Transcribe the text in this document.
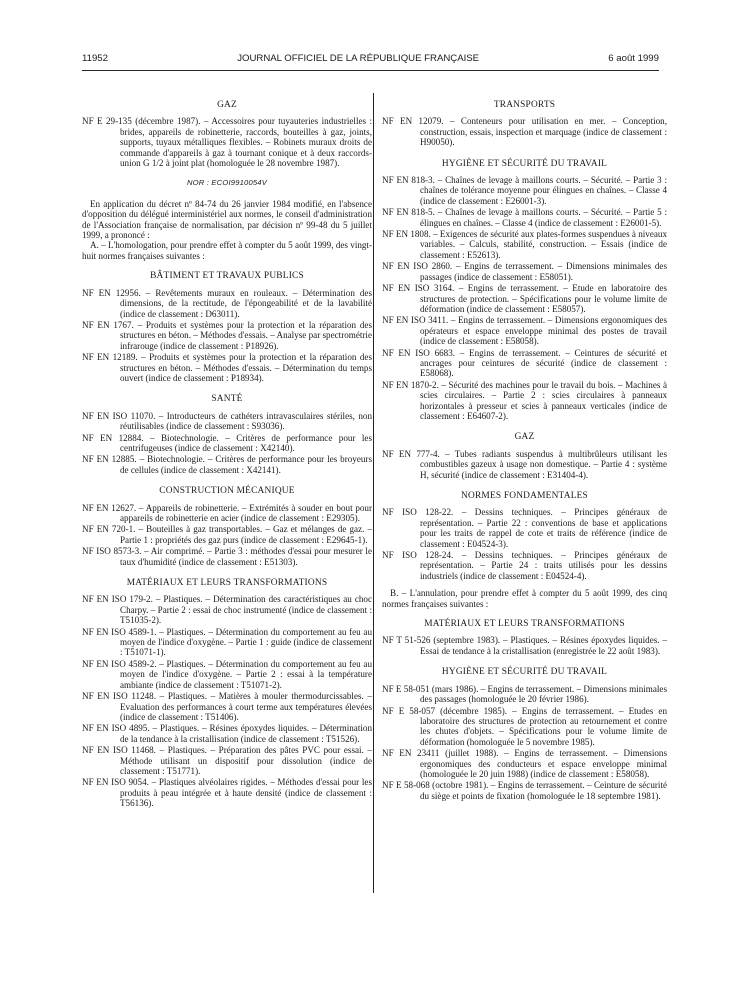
11952	JOURNAL OFFICIEL DE LA RÉPUBLIQUE FRANÇAISE	6 août 1999
GAZ

NF E 29-135 (décembre 1987). – Accessoires pour tuyauteries industrielles : brides, appareils de robinetterie, raccords, bouteilles à gaz, joints, supports, tuyaux métalliques flexibles. – Robinets muraux droits de commande d'appareils à gaz à tournant conique et à deux raccords-union G 1/2 à joint plat (homologuée le 28 novembre 1987).

NOR : ECOI9910054V

En application du décret nº 84-74 du 26 janvier 1984 modifié, en l'absence d'opposition du délégué interministériel aux normes, le conseil d'administration de l'Association française de normalisation, par décision nº 99-48 du 5 juillet 1999, a prononcé :

A. – L'homologation, pour prendre effet à compter du 5 août 1999, des vingt-huit normes françaises suivantes :

BÂTIMENT ET TRAVAUX PUBLICS

NF EN 12956. – Revêtements muraux en rouleaux. – Détermination des dimensions, de la rectitude, de l'épongeabilité et de la lavabilité (indice de classement : D63011).

NF EN 1767. – Produits et systèmes pour la protection et la réparation des structures en béton. – Méthodes d'essais. – Analyse par spectrométrie infrarouge (indice de classement : P18926).

NF EN 12189. – Produits et systèmes pour la protection et la réparation des structures en béton. – Méthodes d'essais. – Détermination du temps ouvert (indice de classement : P18934).

SANTÉ

NF EN ISO 11070. – Introducteurs de cathéters intravasculaires stériles, non réutilisables (indice de classement : S93036).

NF EN 12884. – Biotechnologie. – Critères de performance pour les centrifugeuses (indice de classement : X42140).

NF EN 12885. – Biotechnologie. – Critères de performance pour les broyeurs de cellules (indice de classement : X42141).

CONSTRUCTION MÉCANIQUE

NF EN 12627. – Appareils de robinetterie. – Extrémités à souder en bout pour appareils de robinetterie en acier (indice de classement : E29305).

NF EN 720-1. – Bouteilles à gaz transportables. – Gaz et mélanges de gaz. – Partie 1 : propriétés des gaz purs (indice de classement : E29645-1).

NF ISO 8573-3. – Air comprimé. – Partie 3 : méthodes d'essai pour mesurer le taux d'humidité (indice de classement : E51303).

MATÉRIAUX ET LEURS TRANSFORMATIONS

NF EN ISO 179-2. – Plastiques. – Détermination des caractéristiques au choc Charpy. – Partie 2 : essai de choc instrumenté (indice de classement : T51035-2).

NF EN ISO 4589-1. – Plastiques. – Détermination du comportement au feu au moyen de l'indice d'oxygène. – Partie 1 : guide (indice de classement : T51071-1).

NF EN ISO 4589-2. – Plastiques. – Détermination du comportement au feu au moyen de l'indice d'oxygène. – Partie 2 : essai à la température ambiante (indice de classement : T51071-2).

NF EN ISO 11248. – Plastiques. – Matières à mouler thermodurcissables. – Evaluation des performances à court terme aux températures élevées (indice de classement : T51406).

NF EN ISO 4895. – Plastiques. – Résines époxydes liquides. – Détermination de la tendance à la cristallisation (indice de classement : T51526).

NF EN ISO 11468. – Plastiques. – Préparation des pâtes PVC pour essai. – Méthode utilisant un dispositif pour dissolution (indice de classement : T51771).

NF EN ISO 9054. – Plastiques alvéolaires rigides. – Méthodes d'essai pour les produits à peau intégrée et à haute densité (indice de classement : T56136).

TRANSPORTS

NF EN 12079. – Conteneurs pour utilisation en mer. – Conception, construction, essais, inspection et marquage (indice de classement : H90050).

HYGIÈNE ET SÉCURITÉ DU TRAVAIL

NF EN 818-3. – Chaînes de levage à maillons courts. – Sécurité. – Partie 3 : chaînes de tolérance moyenne pour élingues en chaînes. – Classe 4 (indice de classement : E26001-3).

NF EN 818-5. – Chaînes de levage à maillons courts. – Sécurité. – Partie 5 : élingues en chaînes. – Classe 4 (indice de classement : E26001-5).

NF EN 1808. – Exigences de sécurité aux plates-formes suspendues à niveaux variables. – Calculs, stabilité, construction. – Essais (indice de classement : E52613).

NF EN ISO 2860. – Engins de terrassement. – Dimensions minimales des passages (indice de classement : E58051).

NF EN ISO 3164. – Engins de terrassement. – Etude en laboratoire des structures de protection. – Spécifications pour le volume limite de déformation (indice de classement : E58057).

NF EN ISO 3411. – Engins de terrassement. – Dimensions ergonomiques des opérateurs et espace enveloppe minimal des postes de travail (indice de classement : E58058).

NF EN ISO 6683. – Engins de terrassement. – Ceintures de sécurité et ancrages pour ceintures de sécurité (indice de classement : E58068).

NF EN 1870-2. – Sécurité des machines pour le travail du bois. – Machines à scies circulaires. – Partie 2 : scies circulaires à panneaux horizontales à presseur et scies à panneaux verticales (indice de classement : E64607-2).

GAZ

NF EN 777-4. – Tubes radiants suspendus à multibrûleurs utilisant les combustibles gazeux à usage non domestique. – Partie 4 : système H, sécurité (indice de classement : E31404-4).

NORMES FONDAMENTALES

NF ISO 128-22. – Dessins techniques. – Principes généraux de représentation. – Partie 22 : conventions de base et applications pour les traits de rappel de cote et traits de référence (indice de classement : E04524-3).

NF ISO 128-24. – Dessins techniques. – Principes généraux de représentation. – Partie 24 : traits utilisés pour les dessins industriels (indice de classement : E04524-4).

B. – L'annulation, pour prendre effet à compter du 5 août 1999, des cinq normes françaises suivantes :

MATÉRIAUX ET LEURS TRANSFORMATIONS

NF T 51-526 (septembre 1983). – Plastiques. – Résines époxydes liquides. – Essai de tendance à la cristallisation (enregistrée le 22 août 1983).

HYGIÈNE ET SÉCURITÉ DU TRAVAIL

NF E 58-051 (mars 1986). – Engins de terrassement. – Dimensions minimales des passages (homologuée le 20 février 1986).

NF E 58-057 (décembre 1985). – Engins de terrassement. – Etudes en laboratoire des structures de protection au retournement et contre les chutes d'objets. – Spécifications pour le volume limite de déformation (homologuée le 5 novembre 1985).

NF EN 23411 (juillet 1988). – Engins de terrassement. – Dimensions ergonomiques des conducteurs et espace enveloppe minimal (homologuée le 20 juin 1988) (indice de classement : E58058).

NF E 58-068 (octobre 1981). – Engins de terrassement. – Ceinture de sécurité du siège et points de fixation (homologuée le 18 septembre 1981).
